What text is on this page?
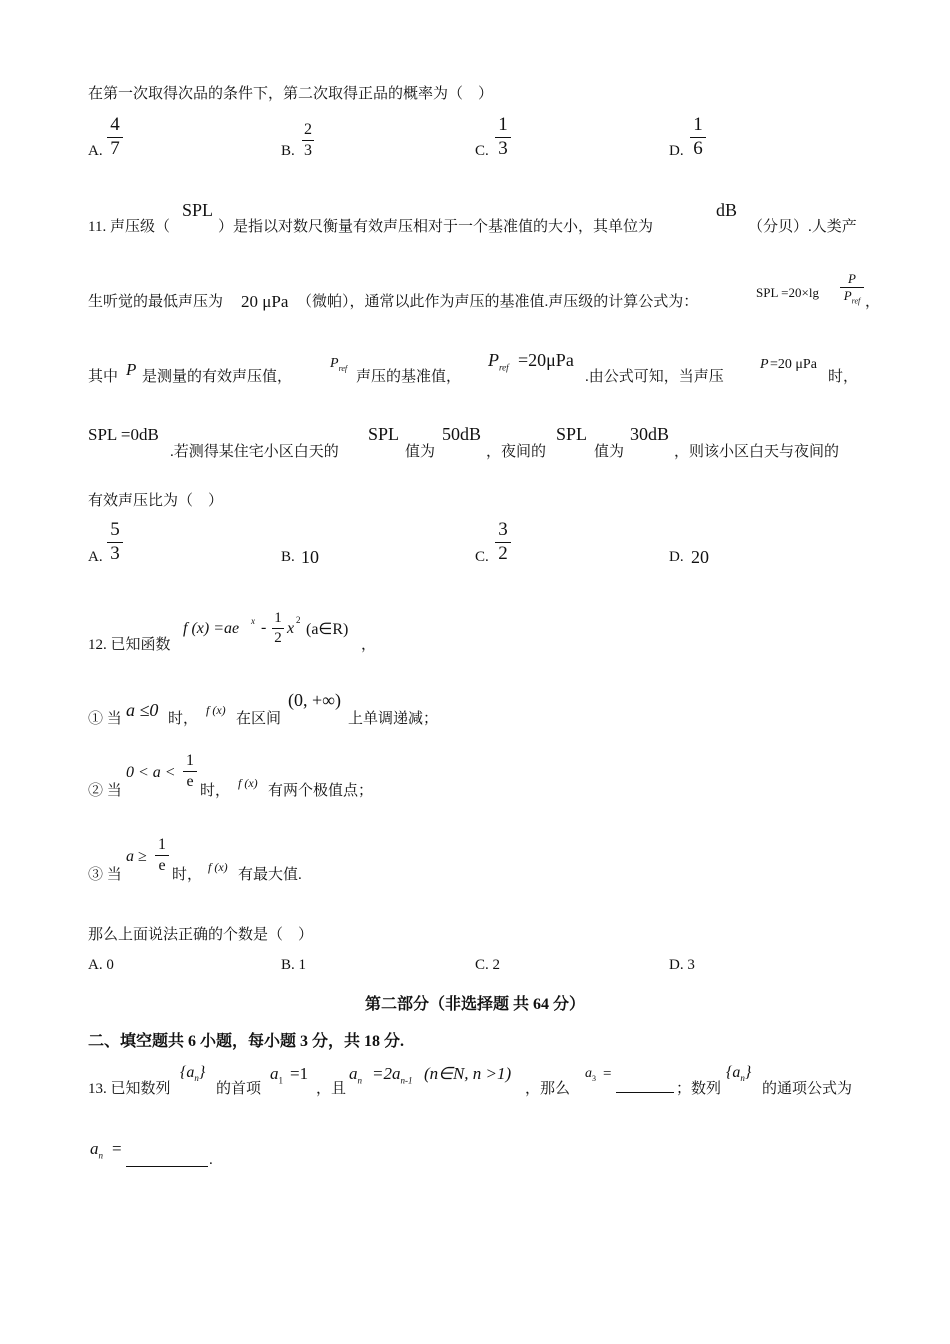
在第一次取得次品的条件下，第二次取得正品的概率为（　）
A.
4
7	B.
2
3	C.
1
3	D.
1
6
11. 声压级（
SPL
）是指以对数尺衡量有效声压相对于一个基准值的大小，其单位为
dB
（分贝）.人类产
生听觉的最低声压为 20 μPa （微帕），通常以此作为声压的基准值.声压级的计算公式为：
SPL =20×lg
P
$P_{ref}$ ，
其中 P 是测量的有效声压值，
$P_{ref}$
声压的基准值，
$P_{ref} =20\mu Pa$
.由公式可知，当声压
P =20 μPa
时，
SPL =0dB
.若测得某住宅小区白天的
SPL
值为
50dB
，夜间的
SPL
值为
30dB
，则该小区白天与夜间的
有效声压比为（　）
A.
5
3	B. 10	C.
3
2	D. 20
12. 已知函数
f (x) =ae x -
1
2
x 2
(a∈R)
，
① 当 a ≤0 时，
f (x)
在区间
(0, +∞)
上单调递减；
② 当
0 < a <
1
e
时， f (x) 有两个极值点；
③ 当
a ≥
1
e
时， f (x) 有最大值.
那么上面说法正确的个数是（　）
A. 0	B. 1	C. 2	D. 3
第二部分（非选择题 共 64 分）
二、填空题共 6 小题，每小题 3 分，共 18 分.
13. 已知数列
$\{a_n\}$
的首项
$a_1 =1$
，且
$a_n =2a_{n-1}$ (n∈N, n >1)
，那么
$a_3$ =
；数列
$\{a_n\}$
的通项公式为
$a_n$ =
.
